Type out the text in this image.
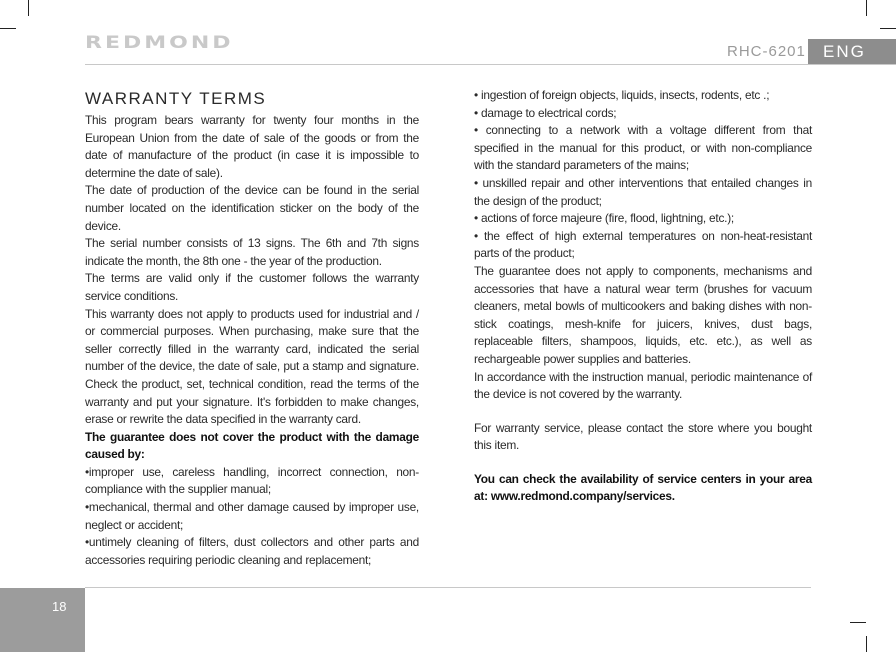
REDMOND	RHC-6201	ENG
WARRANTY TERMS

This program bears warranty for twenty four months in the European Union from the date of sale of the goods or from the date of manufacture of the product (in case it is impossible to determine the date of sale).

The date of production of the device can be found in the serial number located on the identification sticker on the body of the device.

The serial number consists of 13 signs. The 6th and 7th signs indicate the month, the 8th one - the year of the production.

The terms are valid only if the customer follows the warranty service conditions.

This warranty does not apply to products used for industrial and / or commercial purposes. When purchasing, make sure that the seller correctly filled in the warranty card, indicated the serial number of the device, the date of sale, put a stamp and signature. Check the product, set, technical condition, read the terms of the warranty and put your signature. It's forbidden to make changes, erase or rewrite the data specified in the warranty card.

The guarantee does not cover the product with the damage caused by:

•improper use, careless handling, incorrect connection, non-compliance with the supplier manual;

•mechanical, thermal and other damage caused by improper use, neglect or accident;

•untimely cleaning of filters, dust collectors and other parts and accessories requiring periodic cleaning and replacement;

• ingestion of foreign objects, liquids, insects, rodents, etc .;

• damage to electrical cords;

• connecting to a network with a voltage different from that specified in the manual for this product, or with non-compliance with the standard parameters of the mains;

• unskilled repair and other interventions that entailed changes in the design of the product;

• actions of force majeure (fire, flood, lightning, etc.);

• the effect of high external temperatures on non-heat-resistant parts of the product;

The guarantee does not apply to components, mechanisms and accessories that have a natural wear term (brushes for vacuum cleaners, metal bowls of multicookers and baking dishes with non-stick coatings, mesh-knife for juicers, knives, dust bags, replaceable filters, shampoos, liquids, etc. etc.), as well as rechargeable power supplies and batteries.

In accordance with the instruction manual, periodic maintenance of the device is not covered by the warranty.

For warranty service, please contact the store where you bought this item.

You can check the availability of service centers in your area at: www.redmond.company/services.

18
